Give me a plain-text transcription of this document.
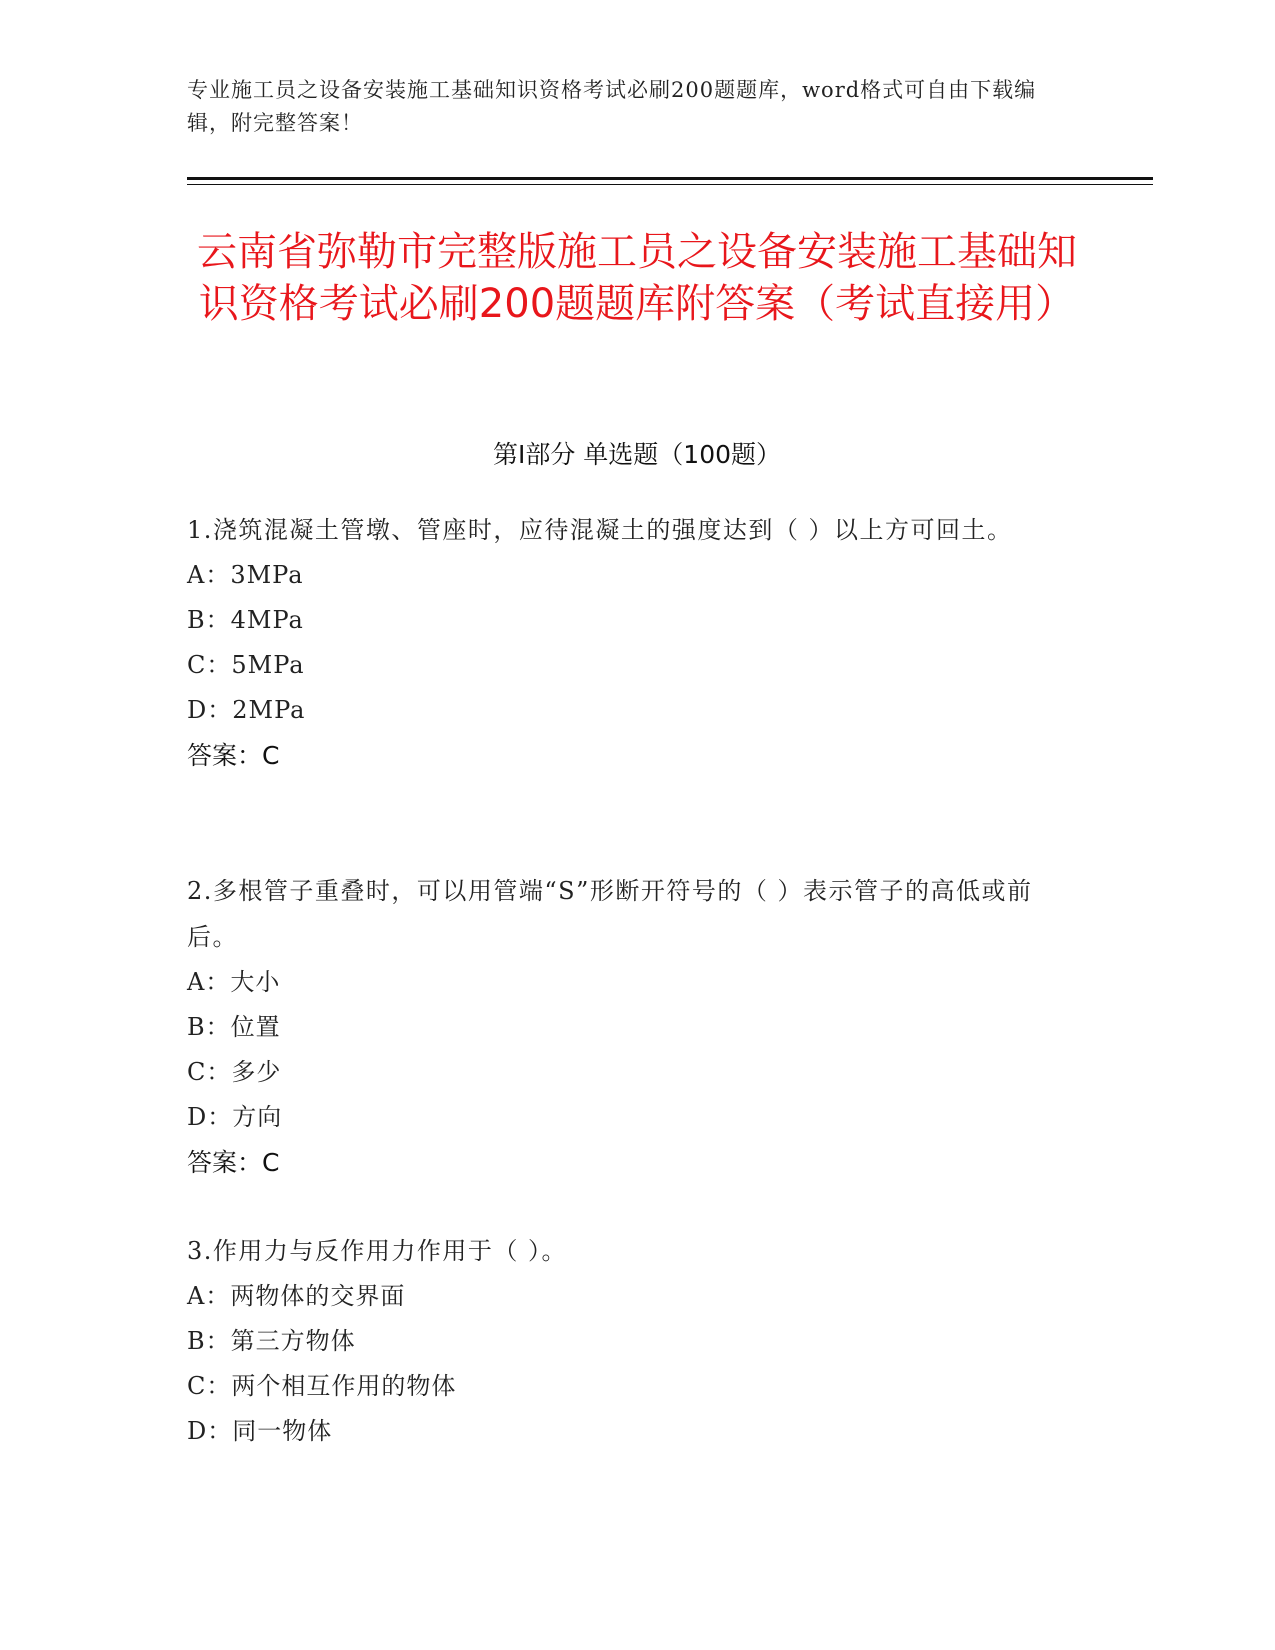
专业施工员之设备安装施工基础知识资格考试必刷200题题库，word格式可自由下载编辑，附完整答案！
云南省弥勒市完整版施工员之设备安装施工基础知识资格考试必刷200题题库附答案（考试直接用）
第Ⅰ部分 单选题（100题）
1.浇筑混凝土管墩、管座时，应待混凝土的强度达到（ ）以上方可回土。
A：3MPa
B：4MPa
C：5MPa
D：2MPa
答案：C
2.多根管子重叠时，可以用管端“S”形断开符号的（ ）表示管子的高低或前后。
A：大小
B：位置
C：多少
D：方向
答案：C
3.作用力与反作用力作用于（ ）。
A：两物体的交界面
B：第三方物体
C：两个相互作用的物体
D：同一物体
